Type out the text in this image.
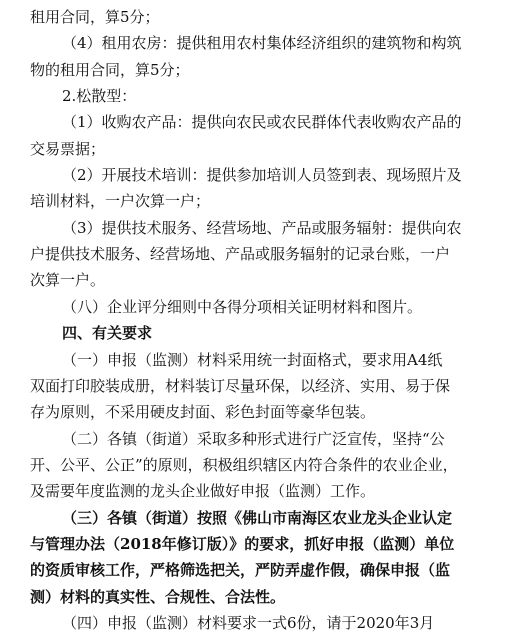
租用合同，算5分；
（4）租用农房：提供租用农村集体经济组织的建筑物和构筑
物的租用合同，算5分；
2.松散型：
（1）收购农产品：提供向农民或农民群体代表收购农产品的
交易票据；
（2）开展技术培训：提供参加培训人员签到表、现场照片及
培训材料，一户次算一户；
（3）提供技术服务、经营场地、产品或服务辐射：提供向农
户提供技术服务、经营场地、产品或服务辐射的记录台账，一户
次算一户。
（八）企业评分细则中各得分项相关证明材料和图片。
四、有关要求
（一）申报（监测）材料采用统一封面格式，要求用A4纸
双面打印胶装成册，材料装订尽量环保，以经济、实用、易于保
存为原则，不采用硬皮封面、彩色封面等豪华包装。
（二）各镇（街道）采取多种形式进行广泛宣传，坚持“公
开、公平、公正”的原则，积极组织辖区内符合条件的农业企业，
及需要年度监测的龙头企业做好申报（监测）工作。
（三）各镇（街道）按照《佛山市南海区农业龙头企业认定
与管理办法（2018年修订版）》的要求，抓好申报（监测）单位
的资质审核工作，严格筛选把关，严防弄虚作假，确保申报（监
测）材料的真实性、合规性、合法性。
（四）申报（监测）材料要求一式6份，请于2020年3月
